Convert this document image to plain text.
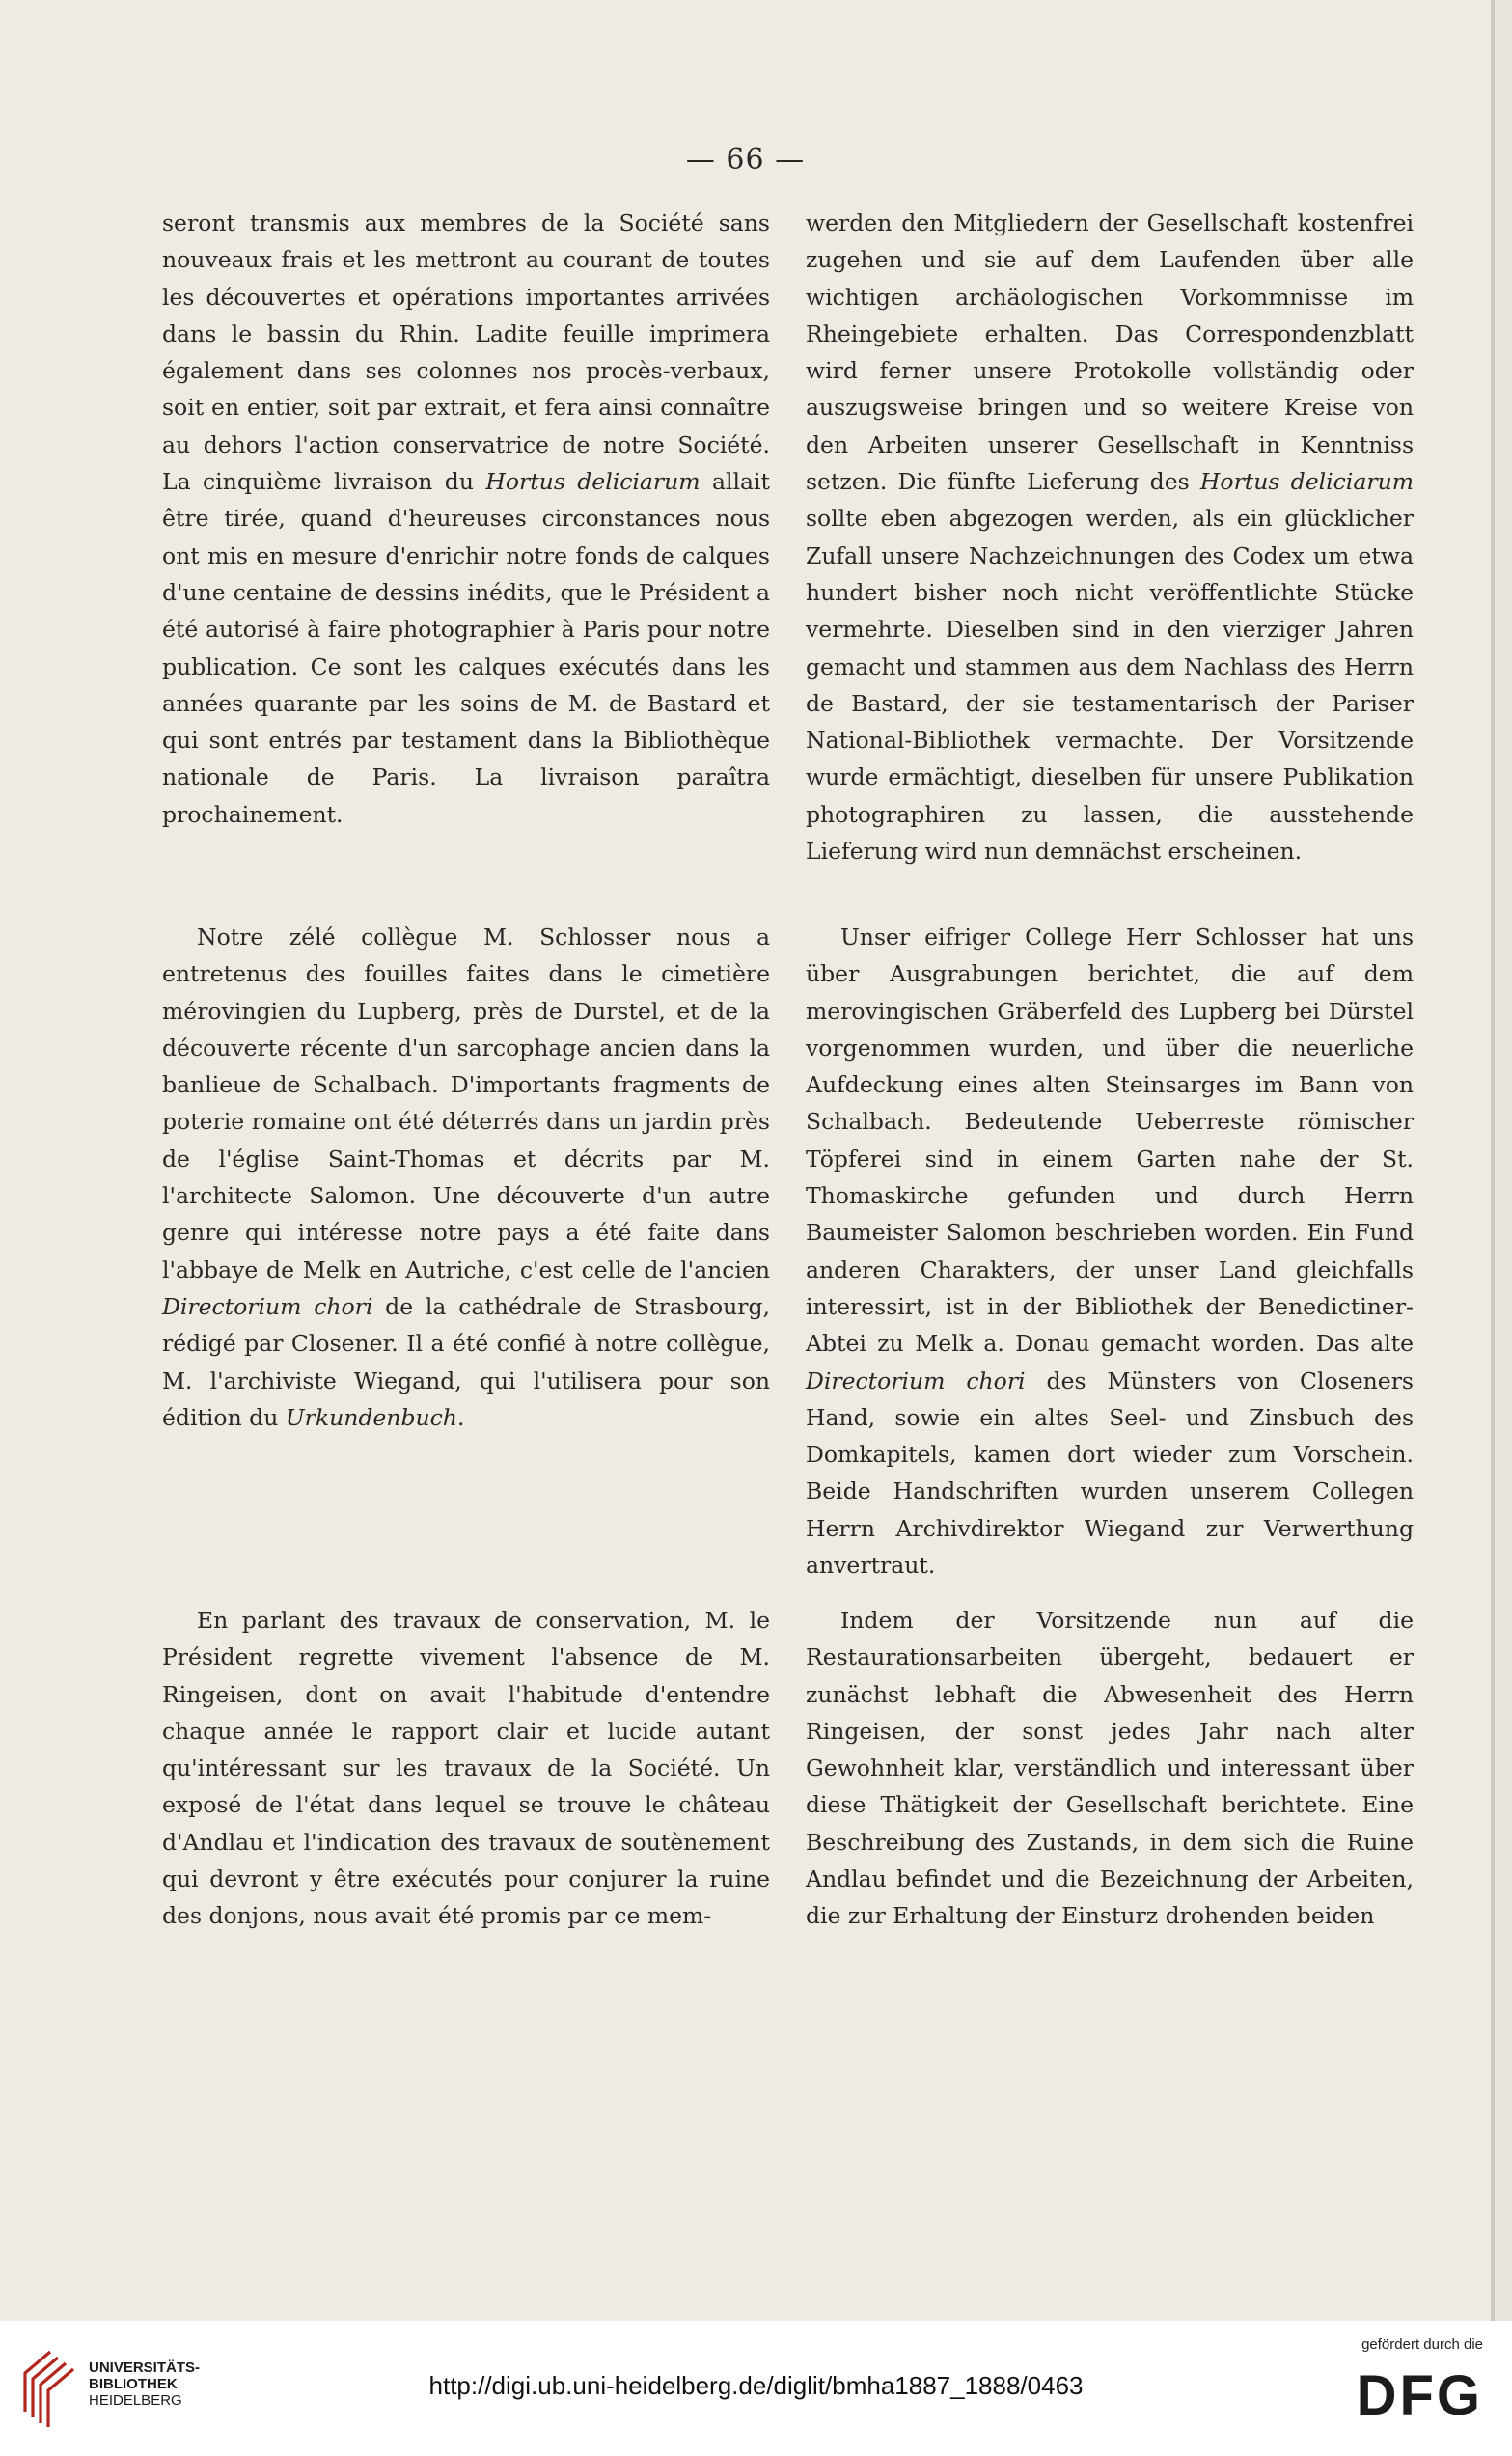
— 66 —

seront transmis aux membres de la Société sans nouveaux frais et les mettront au courant de toutes les découvertes et opérations importantes arrivées dans le bassin du Rhin. Ladite feuille imprimera également dans ses colonnes nos procès-verbaux, soit en entier, soit par extrait, et fera ainsi connaître au dehors l'action conservatrice de notre Société. La cinquième livraison du Hortus deliciarum allait être tirée, quand d'heureuses circonstances nous ont mis en mesure d'enrichir notre fonds de calques d'une centaine de dessins inédits, que le Président a été autorisé à faire photographier à Paris pour notre publication. Ce sont les calques exécutés dans les années quarante par les soins de M. de Bastard et qui sont entrés par testament dans la Bibliothèque nationale de Paris. La livraison paraîtra prochainement.

werden den Mitgliedern der Gesellschaft kostenfrei zugehen und sie auf dem Laufenden über alle wichtigen archäologischen Vorkommnisse im Rheingebiete erhalten. Das Correspondenzblatt wird ferner unsere Protokolle vollständig oder auszugsweise bringen und so weitere Kreise von den Arbeiten unserer Gesellschaft in Kenntniss setzen. Die fünfte Lieferung des Hortus deliciarum sollte eben abgezogen werden, als ein glücklicher Zufall unsere Nachzeichnungen des Codex um etwa hundert bisher noch nicht veröffentlichte Stücke vermehrte. Dieselben sind in den vierziger Jahren gemacht und stammen aus dem Nachlass des Herrn de Bastard, der sie testamentarisch der Pariser National-Bibliothek vermachte. Der Vorsitzende wurde ermächtigt, dieselben für unsere Publikation photographiren zu lassen, die ausstehende Lieferung wird nun demnächst erscheinen.

Notre zélé collègue M. Schlosser nous a entretenus des fouilles faites dans le cimetière mérovingien du Lupberg, près de Durstel, et de la découverte récente d'un sarcophage ancien dans la banlieue de Schalbach. D'importants fragments de poterie romaine ont été déterrés dans un jardin près de l'église Saint-Thomas et décrits par M. l'architecte Salomon. Une découverte d'un autre genre qui intéresse notre pays a été faite dans l'abbaye de Melk en Autriche, c'est celle de l'ancien Directorium chori de la cathédrale de Strasbourg, rédigé par Closener. Il a été confié à notre collègue, M. l'archiviste Wiegand, qui l'utilisera pour son édition du Urkundenbuch.

Unser eifriger College Herr Schlosser hat uns über Ausgrabungen berichtet, die auf dem merovingischen Gräberfeld des Lupberg bei Dürstel vorgenommen wurden, und über die neuerliche Aufdeckung eines alten Steinsarges im Bann von Schalbach. Bedeutende Ueberreste römischer Töpferei sind in einem Garten nahe der St. Thomaskirche gefunden und durch Herrn Baumeister Salomon beschrieben worden. Ein Fund anderen Charakters, der unser Land gleichfalls interessirt, ist in der Bibliothek der Benedictiner-Abtei zu Melk a. Donau gemacht worden. Das alte Directorium chori des Münsters von Closeners Hand, sowie ein altes Seel- und Zinsbuch des Domkapitels, kamen dort wieder zum Vorschein. Beide Handschriften wurden unserem Collegen Herrn Archivdirektor Wiegand zur Verwerthung anvertraut.

En parlant des travaux de conservation, M. le Président regrette vivement l'absence de M. Ringeisen, dont on avait l'habitude d'entendre chaque année le rapport clair et lucide autant qu'intéressant sur les travaux de la Société. Un exposé de l'état dans lequel se trouve le château d'Andlau et l'indication des travaux de soutènement qui devront y être exécutés pour conjurer la ruine des donjons, nous avait été promis par ce mem-

Indem der Vorsitzende nun auf die Restaurationsarbeiten übergeht, bedauert er zunächst lebhaft die Abwesenheit des Herrn Ringeisen, der sonst jedes Jahr nach alter Gewohnheit klar, verständlich und interessant über diese Thätigkeit der Gesellschaft berichtete. Eine Beschreibung des Zustands, in dem sich die Ruine Andlau befindet und die Bezeichnung der Arbeiten, die zur Erhaltung der Einsturz drohenden beiden

UNIVERSITÄTS-
BIBLIOTHEK
HEIDELBERG
http://digi.ub.uni-heidelberg.de/diglit/bmha1887_1888/0463
gefördert durch die
DFG
